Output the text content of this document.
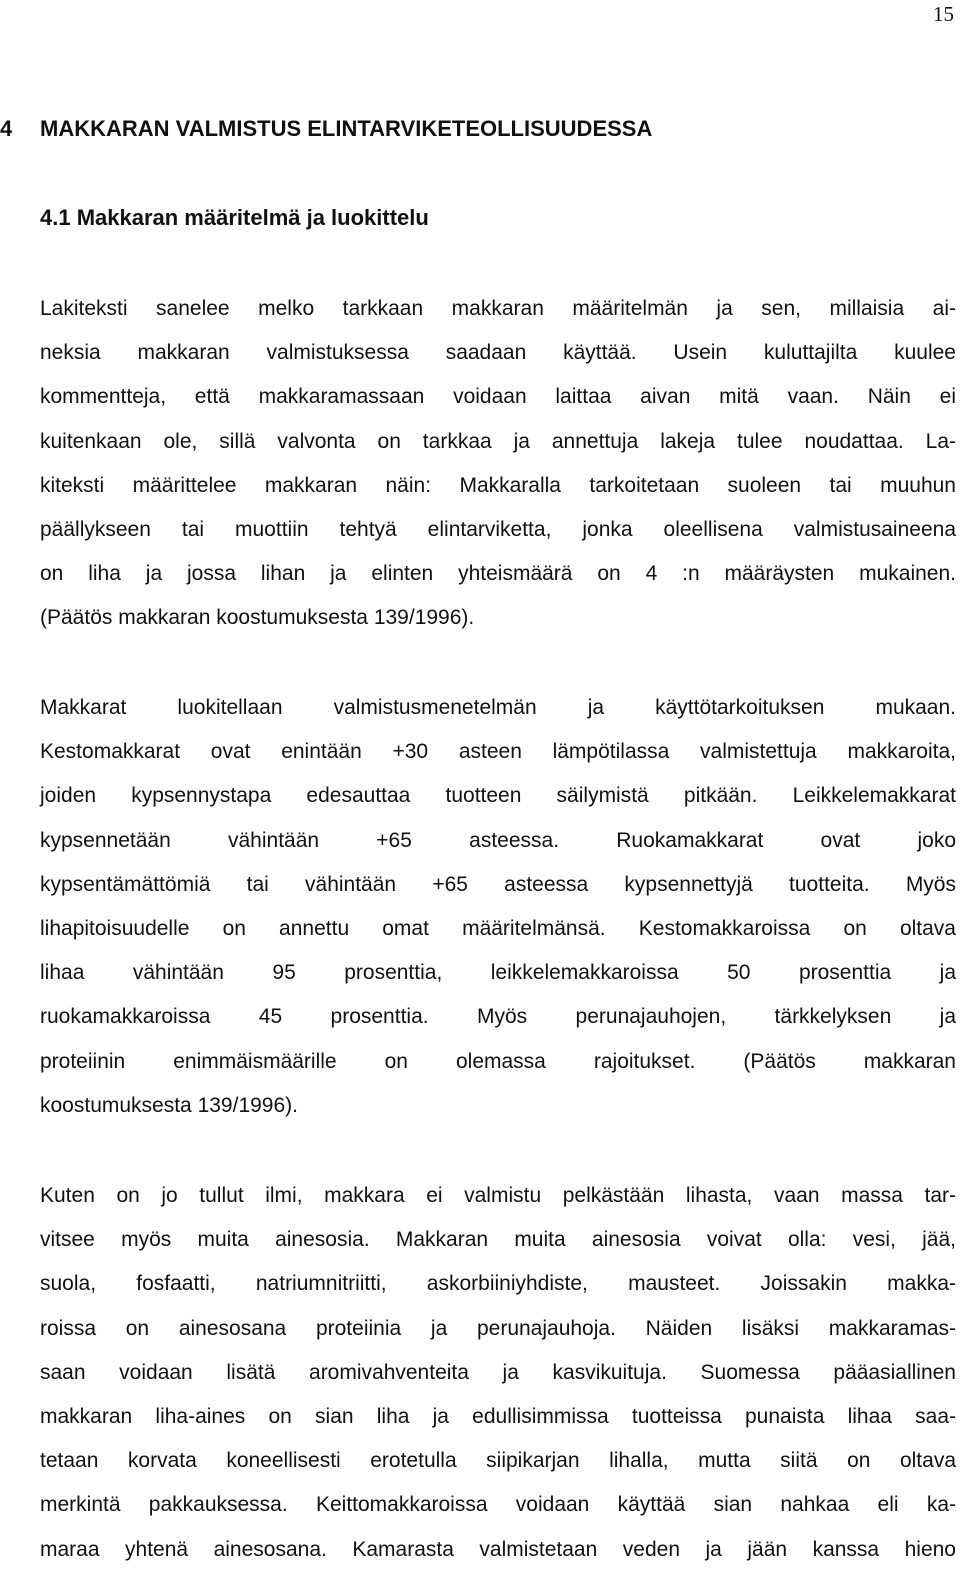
15
4 MAKKARAN VALMISTUS ELINTARVIKETEOLLISUUDESSA
4.1 Makkaran määritelmä ja luokittelu
Lakiteksti sanelee melko tarkkaan makkaran määritelmän ja sen, millaisia ai-
neksia makkaran valmistuksessa saadaan käyttää. Usein kuluttajilta kuulee
kommentteja, että makkaramassaan voidaan laittaa aivan mitä vaan. Näin ei
kuitenkaan ole, sillä valvonta on tarkkaa ja annettuja lakeja tulee noudattaa. La-
kiteksti määrittelee makkaran näin: Makkaralla tarkoitetaan suoleen tai muuhun
päällykseen tai muottiin tehtyä elintarviketta, jonka oleellisena valmistusaineena
on liha ja jossa lihan ja elinten yhteismäärä on 4 :n määräysten mukainen.
(Päätös makkaran koostumuksesta 139/1996).
Makkarat luokitellaan valmistusmenetelmän ja käyttötarkoituksen mukaan.
Kestomakkarat ovat enintään +30 asteen lämpötilassa valmistettuja makkaroita,
joiden kypsennystapa edesauttaa tuotteen säilymistä pitkään. Leikkelemakkarat
kypsennetään vähintään +65 asteessa. Ruokamakkarat ovat joko
kypsentämättömiä tai vähintään +65 asteessa kypsennettyjä tuotteita. Myös
lihapitoisuudelle on annettu omat määritelmänsä. Kestomakkaroissa on oltava
lihaa vähintään 95 prosenttia, leikkelemakkaroissa 50 prosenttia ja
ruokamakkaroissa 45 prosenttia. Myös perunajauhojen, tärkkelyksen ja
proteiinin enimmäismäärille on olemassa rajoitukset. (Päätös makkaran
koostumuksesta 139/1996).
Kuten on jo tullut ilmi, makkara ei valmistu pelkästään lihasta, vaan massa tar-
vitsee myös muita ainesosia. Makkaran muita ainesosia voivat olla: vesi, jää,
suola, fosfaatti, natriumnitriitti, askorbiiniyhdiste, mausteet. Joissakin makka-
roissa on ainesosana proteiinia ja perunajauhoja. Näiden lisäksi makkaramas-
saan voidaan lisätä aromivahventeita ja kasvikuituja. Suomessa pääasiallinen
makkaran liha-aines on sian liha ja edullisimmissa tuotteissa punaista lihaa saa-
tetaan korvata koneellisesti erotetulla siipikarjan lihalla, mutta siitä on oltava
merkintä pakkauksessa. Keittomakkaroissa voidaan käyttää sian nahkaa eli ka-
maraa yhtenä ainesosana. Kamarasta valmistetaan veden ja jään kanssa hieno
